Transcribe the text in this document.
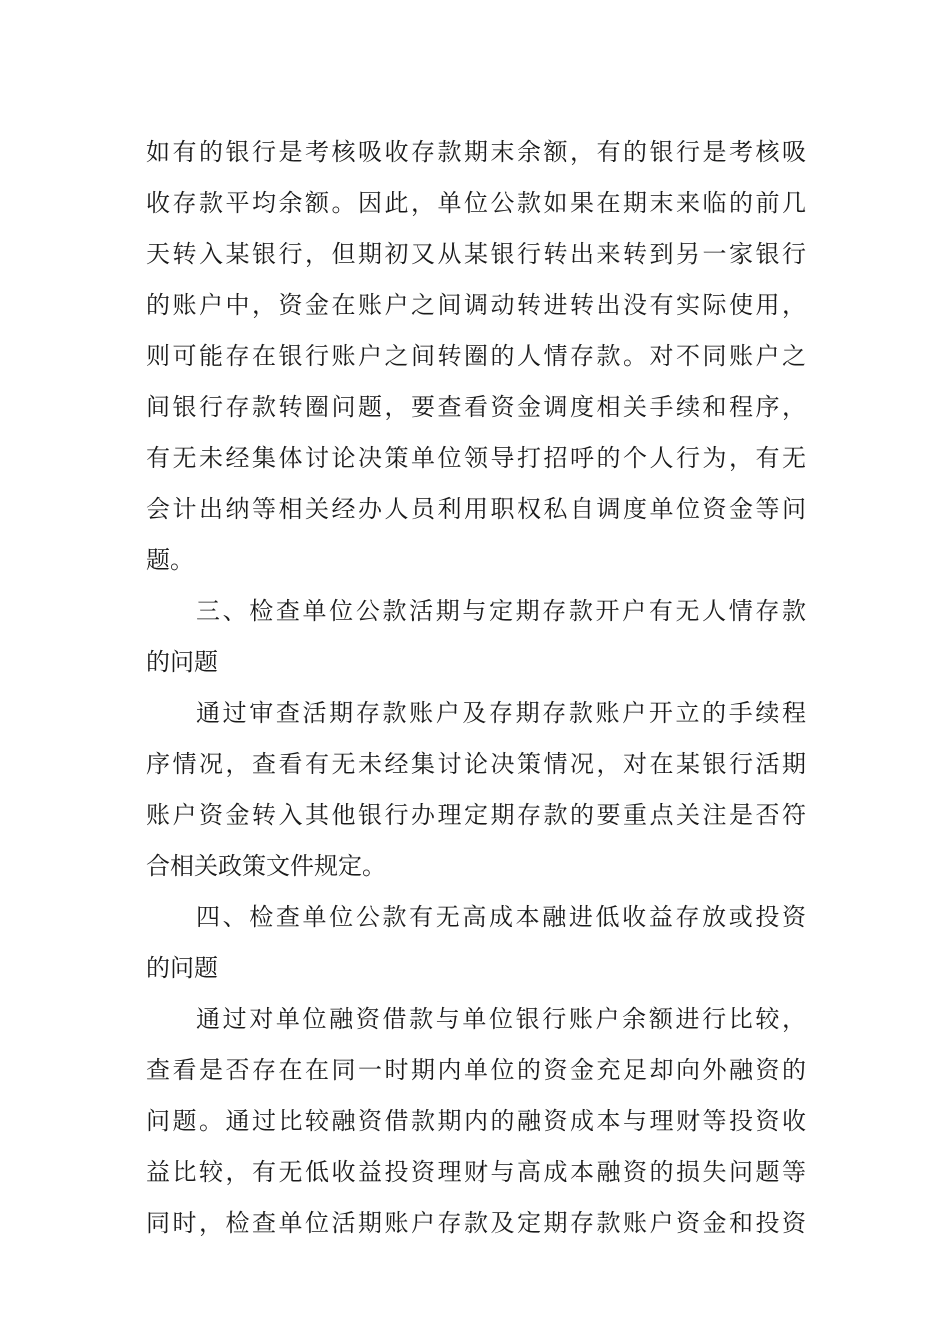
如有的银行是考核吸收存款期末余额，有的银行是考核吸
收存款平均余额。因此，单位公款如果在期末来临的前几
天转入某银行，但期初又从某银行转出来转到另一家银行
的账户中，资金在账户之间调动转进转出没有实际使用，
则可能存在银行账户之间转圈的人情存款。对不同账户之
间银行存款转圈问题，要查看资金调度相关手续和程序，
有无未经集体讨论决策单位领导打招呼的个人行为，有无
会计出纳等相关经办人员利用职权私自调度单位资金等问
题。
三、检查单位公款活期与定期存款开户有无人情存款
的问题
通过审查活期存款账户及存期存款账户开立的手续程
序情况，查看有无未经集讨论决策情况，对在某银行活期
账户资金转入其他银行办理定期存款的要重点关注是否符
合相关政策文件规定。
四、检查单位公款有无高成本融进低收益存放或投资
的问题
通过对单位融资借款与单位银行账户余额进行比较，
查看是否存在在同一时期内单位的资金充足却向外融资的
问题。通过比较融资借款期内的融资成本与理财等投资收
益比较，有无低收益投资理财与高成本融资的损失问题等
同时，检查单位活期账户存款及定期存款账户资金和投资
